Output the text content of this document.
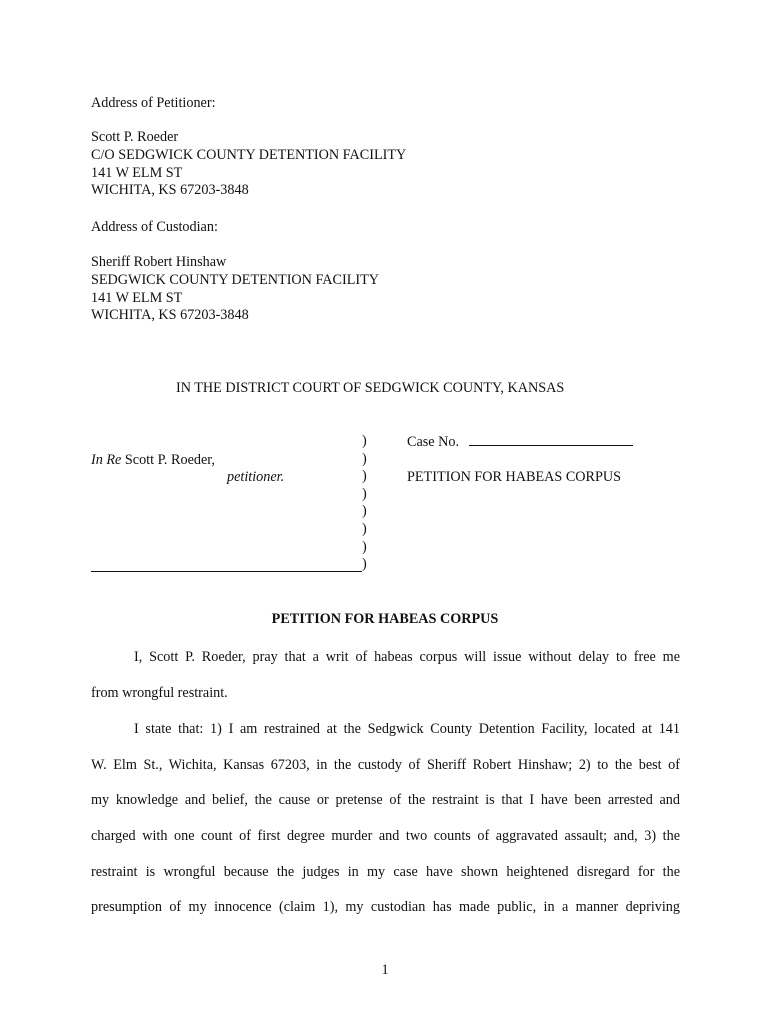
Address of Petitioner:
Scott P. Roeder
C/O SEDGWICK COUNTY DETENTION FACILITY
141 W ELM ST
WICHITA, KS 67203-3848
Address of Custodian:
Sheriff Robert Hinshaw
SEDGWICK COUNTY DETENTION FACILITY
141 W ELM ST
WICHITA, KS 67203-3848
IN THE DISTRICT COURT OF SEDGWICK COUNTY, KANSAS
In Re Scott P. Roeder,
petitioner.
)
)
)
)
)
)
)
)
Case No.
PETITION FOR HABEAS CORPUS
PETITION FOR HABEAS CORPUS
I, Scott P. Roeder, pray that a writ of habeas corpus will issue without delay to free me
from wrongful restraint.
I state that: 1) I am restrained at the Sedgwick County Detention Facility, located at 141
W. Elm St., Wichita, Kansas 67203, in the custody of Sheriff Robert Hinshaw; 2) to the best of
my knowledge and belief, the cause or pretense of the restraint is that I have been arrested and
charged with one count of first degree murder and two counts of aggravated assault; and, 3) the
restraint is wrongful because the judges in my case have shown heightened disregard for the
presumption of my innocence (claim 1), my custodian has made public, in a manner depriving
1
